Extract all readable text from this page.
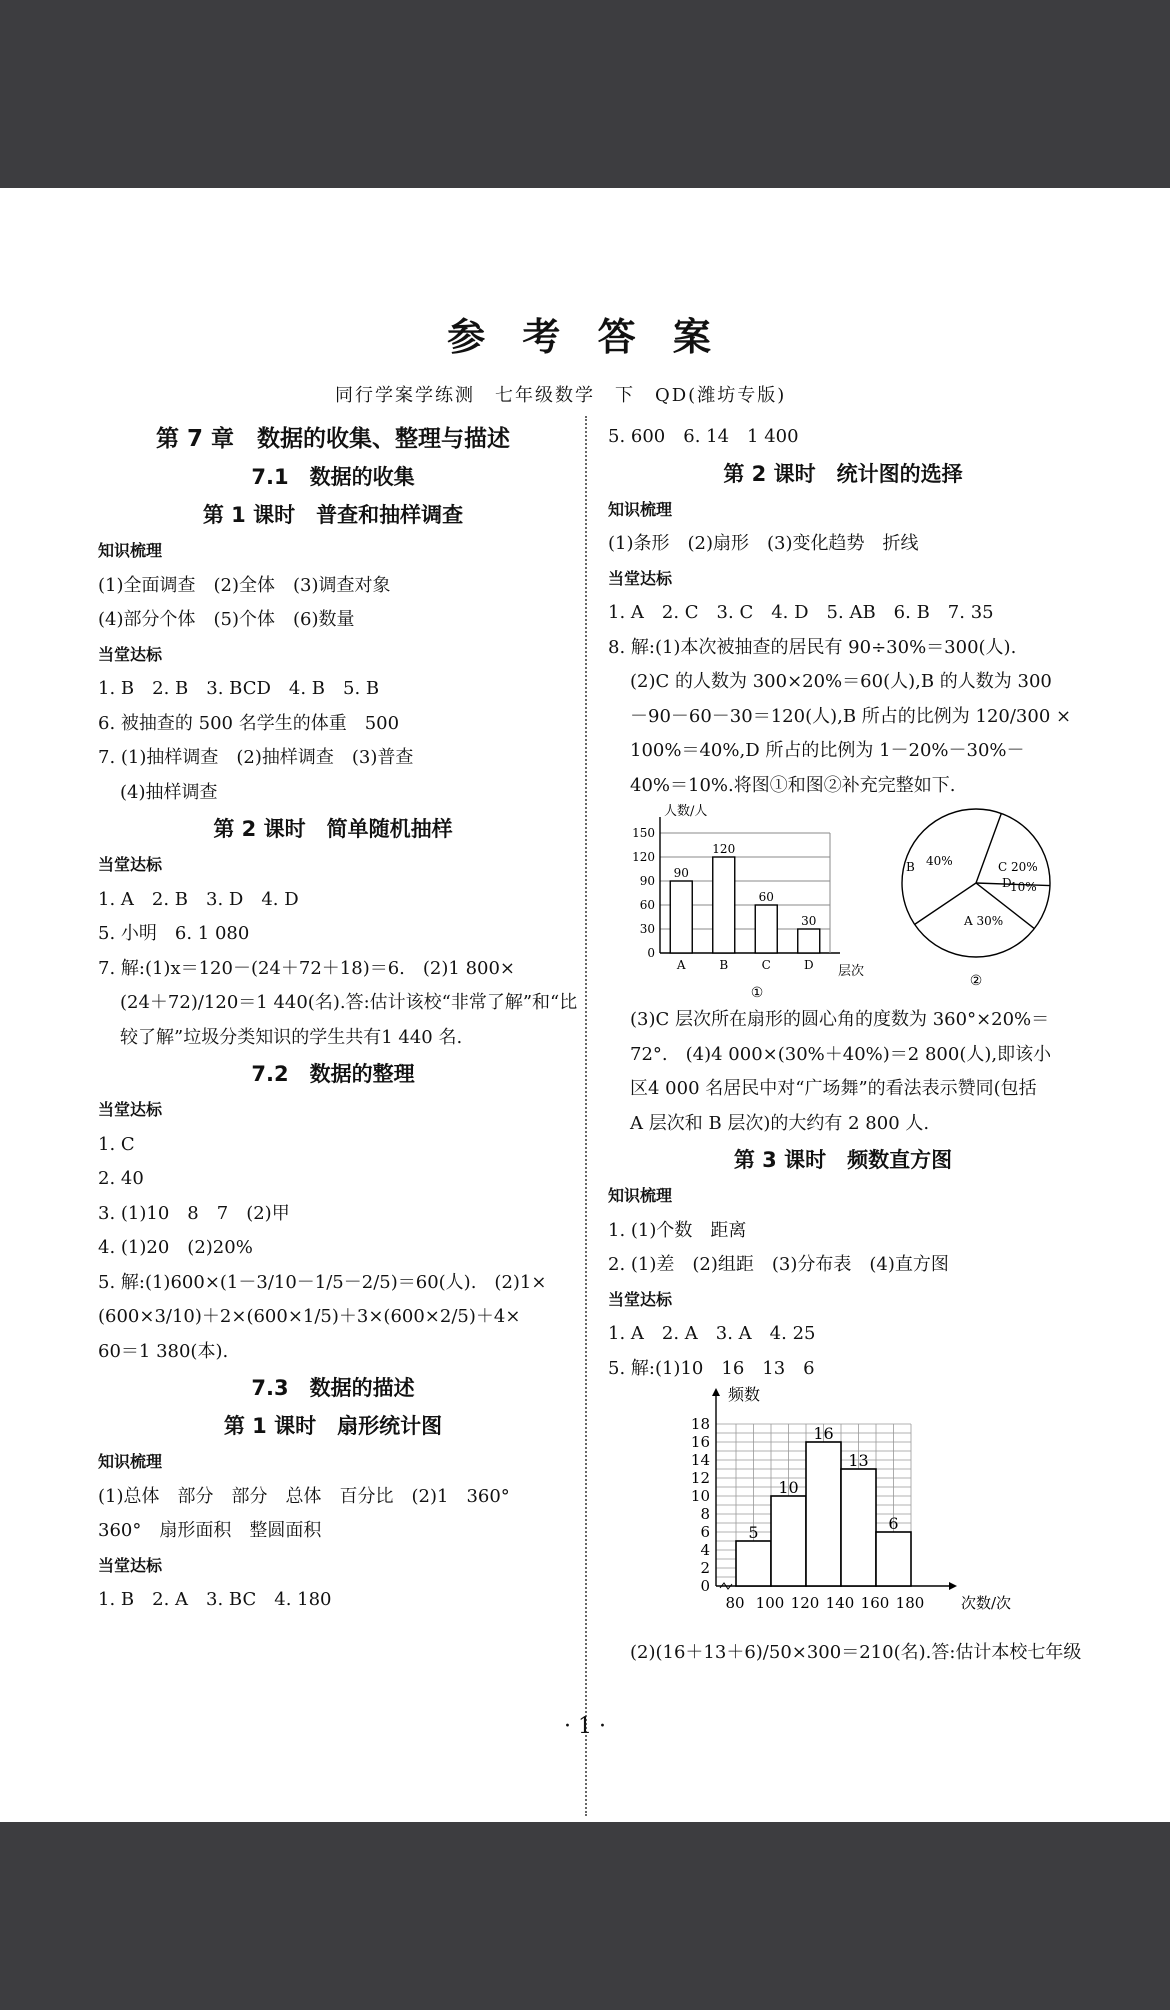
参 考 答 案
同行学案学练测　七年级数学　下　QD(潍坊专版)
第 7 章　数据的收集、整理与描述
7.1　数据的收集
第 1 课时　普查和抽样调查
知识梳理
(1)全面调查　(2)全体　(3)调查对象
(4)部分个体　(5)个体　(6)数量
当堂达标
1. B　2. B　3. BCD　4. B　5. B
6. 被抽查的 500 名学生的体重　500
7. (1)抽样调查　(2)抽样调查　(3)普查
(4)抽样调查
第 2 课时　简单随机抽样
当堂达标
1. A　2. B　3. D　4. D
5. 小明　6. 1 080
7. 解:(1)x＝120－(24＋72＋18)＝6.　(2)1 800×
(24＋72)/120＝1 440(名).答:估计该校“非常了解”和“比
较了解”垃圾分类知识的学生共有1 440 名.
7.2　数据的整理
当堂达标
1. C
2. 40
3. (1)10　8　7　(2)甲
4. (1)20　(2)20%
5. 解:(1)600×(1－3/10－1/5－2/5)＝60(人).　(2)1×
(600×3/10)＋2×(600×1/5)＋3×(600×2/5)＋4×
60＝1 380(本).
7.3　数据的描述
第 1 课时　扇形统计图
知识梳理
(1)总体　部分　部分　总体　百分比　(2)1　360°
360°　扇形面积　整圆面积
当堂达标
1. B　2. A　3. BC　4. 180
5. 600　6. 14　1 400
第 2 课时　统计图的选择
知识梳理
(1)条形　(2)扇形　(3)变化趋势　折线
当堂达标
1. A　2. C　3. C　4. D　5. AB　6. B　7. 35
8. 解:(1)本次被抽查的居民有 90÷30%＝300(人).
(2)C 的人数为 300×20%＝60(人),B 的人数为 300
－90－60－30＝120(人),B 所占的比例为 120/300 ×
100%＝40%,D 所占的比例为 1－20%－30%－
40%＝10%.将图①和图②补充完整如下.
0
30
60
90
120
150
人数/人
层次
90
A
120
B
60
C
30
D
①
A 30%
40%	C 20%
10%
B
D
②
(3)C 层次所在扇形的圆心角的度数为 360°×20%＝
72°.　(4)4 000×(30%＋40%)＝2 800(人),即该小
区4 000 名居民中对“广场舞”的看法表示赞同(包括
A 层次和 B 层次)的大约有 2 800 人.
第 3 课时　频数直方图
知识梳理
1. (1)个数　距离
2. (1)差　(2)组距　(3)分布表　(4)直方图
当堂达标
1. A　2. A　3. A　4. 25
5. 解:(1)10　16　13　6
频数
0
2
4
6
8
10
12
14
16
18
80 100 120 140 160 180
5
10
16
13
6
次数/次
(2)(16＋13＋6)/50×300＝210(名).答:估计本校七年级
· 1 ·
